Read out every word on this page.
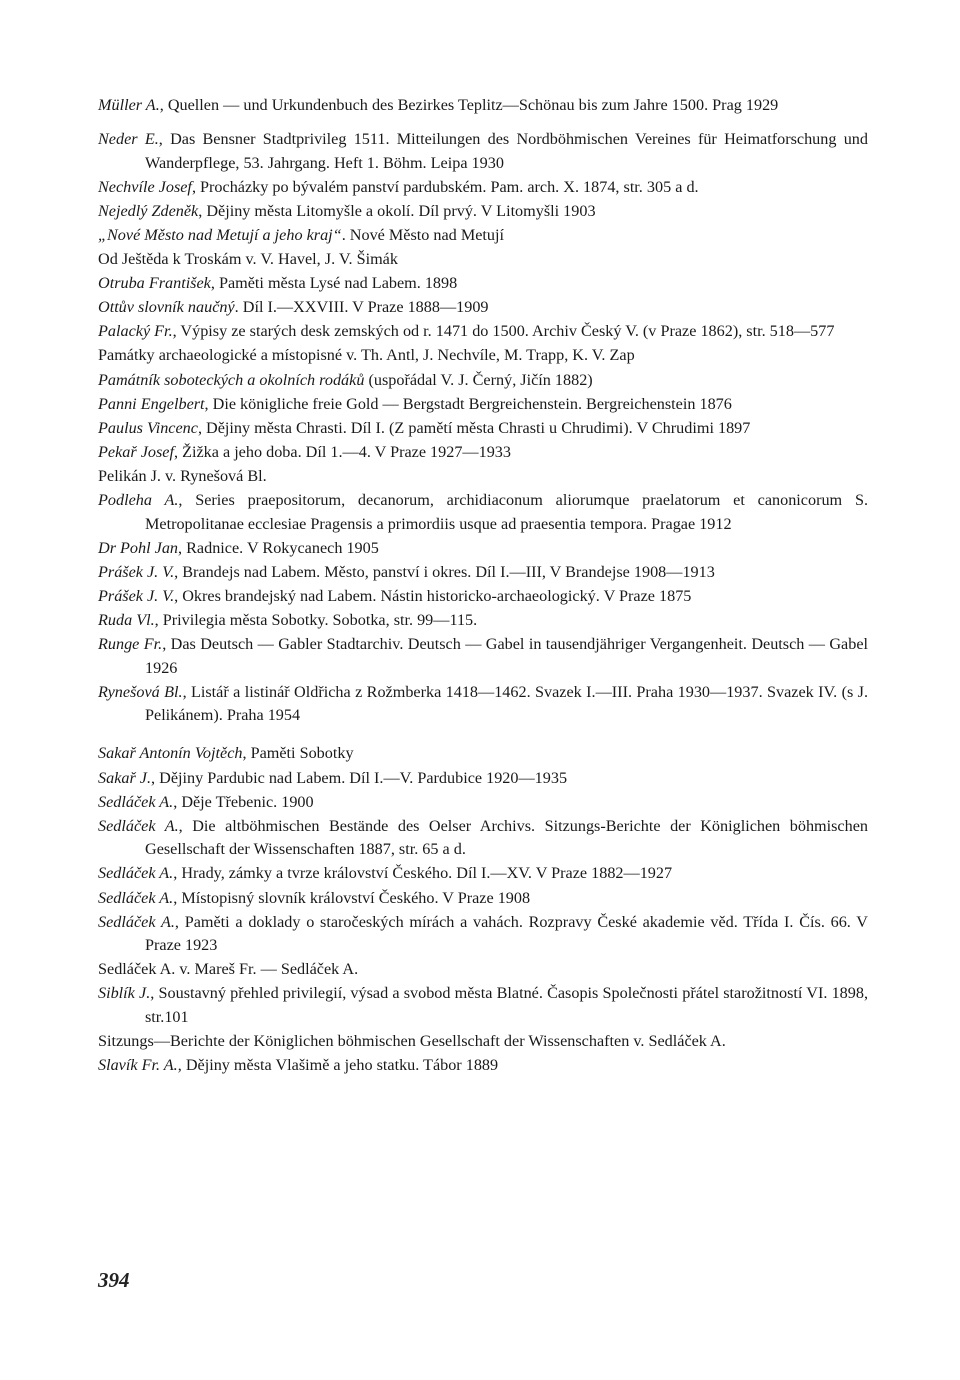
Müller A., Quellen — und Urkundenbuch des Bezirkes Teplitz—Schönau bis zum Jahre 1500. Prag 1929

Neder E., Das Bensner Stadtprivileg 1511. Mitteilungen des Nordböhmischen Vereines für Heimatforschung und Wanderpflege, 53. Jahrgang. Heft 1. Böhm. Leipa 1930

Nechvíle Josef, Procházky po bývalém panství pardubském. Pam. arch. X. 1874, str. 305 a d.

Nejedlý Zdeněk, Dějiny města Litomyšle a okolí. Díl prvý. V Litomyšli 1903

„Nové Město nad Metují a jeho kraj“. Nové Město nad Metují

Od Ještěda k Troskám v. V. Havel, J. V. Šimák

Otruba František, Paměti města Lysé nad Labem. 1898

Ottův slovník naučný. Díl I.—XXVIII. V Praze 1888—1909

Palacký Fr., Výpisy ze starých desk zemských od r. 1471 do 1500. Archiv Český V. (v Praze 1862), str. 518—577

Památky archaeologické a místopisné v. Th. Antl, J. Nechvíle, M. Trapp, K. V. Zap

Památník soboteckých a okolních rodáků (uspořádal V. J. Černý, Jičín 1882)

Panni Engelbert, Die königliche freie Gold — Bergstadt Bergreichenstein. Bergreichenstein 1876

Paulus Vincenc, Dějiny města Chrasti. Díl I. (Z pamětí města Chrasti u Chrudimi). V Chrudimi 1897

Pekař Josef, Žižka a jeho doba. Díl 1.—4. V Praze 1927—1933

Pelikán J. v. Rynešová Bl.

Podleha A., Series praepositorum, decanorum, archidiaconum aliorumque praelatorum et canonicorum S. Metropolitanae ecclesiae Pragensis a primordiis usque ad praesentia tempora. Pragae 1912

Dr Pohl Jan, Radnice. V Rokycanech 1905

Prášek J. V., Brandejs nad Labem. Město, panství i okres. Díl I.—III, V Brandejse 1908—1913

Prášek J. V., Okres brandejský nad Labem. Nástin historicko-archaeologický. V Praze 1875

Ruda Vl., Privilegia města Sobotky. Sobotka, str. 99—115.

Runge Fr., Das Deutsch — Gabler Stadtarchiv. Deutsch — Gabel in tausendjähriger Vergangenheit. Deutsch — Gabel 1926

Rynešová Bl., Listář a listinář Oldřicha z Rožmberka 1418—1462. Svazek I.—III. Praha 1930—1937. Svazek IV. (s J. Pelikánem). Praha 1954

Sakař Antonín Vojtěch, Paměti Sobotky

Sakař J., Dějiny Pardubic nad Labem. Díl I.—V. Pardubice 1920—1935

Sedláček A., Děje Třebenic. 1900

Sedláček A., Die altböhmischen Bestände des Oelser Archivs. Sitzungs-Berichte der Königlichen böhmischen Gesellschaft der Wissenschaften 1887, str. 65 a d.

Sedláček A., Hrady, zámky a tvrze království Českého. Díl I.—XV. V Praze 1882—1927

Sedláček A., Místopisný slovník království Českého. V Praze 1908

Sedláček A., Paměti a doklady o staročeských mírách a vahách. Rozpravy České akademie věd. Třída I. Čís. 66. V Praze 1923

Sedláček A. v. Mareš Fr. — Sedláček A.

Siblík J., Soustavný přehled privilegií, výsad a svobod města Blatné. Časopis Společnosti přátel starožitností VI. 1898, str.101

Sitzungs—Berichte der Königlichen böhmischen Gesellschaft der Wissenschaften v. Sedláček A.

Slavík Fr. A., Dějiny města Vlašimě a jeho statku. Tábor 1889

394
